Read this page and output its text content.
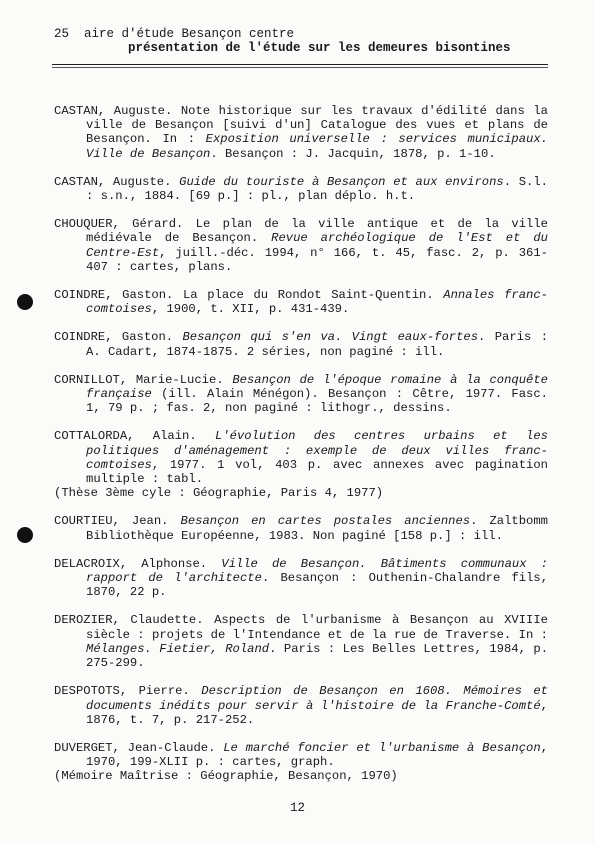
25  aire d'étude Besançon centre
présentation de l'étude sur les demeures bisontines
CASTAN, Auguste. Note historique sur les travaux d'édilité dans la ville de Besançon [suivi d'un] Catalogue des vues et plans de Besançon. In : Exposition universelle : services municipaux. Ville de Besançon. Besançon : J. Jacquin, 1878, p. 1-10.
CASTAN, Auguste. Guide du touriste à Besançon et aux environs. S.l. : s.n., 1884. [69 p.] : pl., plan déplo. h.t.
CHOUQUER, Gérard. Le plan de la ville antique et de la ville médiévale de Besançon. Revue archéologique de l'Est et du Centre-Est, juill.-déc. 1994, n° 166, t. 45, fasc. 2, p. 361-407 : cartes, plans.
COINDRE, Gaston. La place du Rondot Saint-Quentin. Annales franc-comtoises, 1900, t. XII, p. 431-439.
COINDRE, Gaston. Besançon qui s'en va. Vingt eaux-fortes. Paris : A. Cadart, 1874-1875. 2 séries, non paginé : ill.
CORNILLOT, Marie-Lucie. Besançon de l'époque romaine à la conquête française (ill. Alain Ménégon). Besançon : Cêtre, 1977. Fasc. 1, 79 p. ; fas. 2, non paginé : lithogr., dessins.
COTTALORDA, Alain. L'évolution des centres urbains et les politiques d'aménagement : exemple de deux villes franc-comtoises, 1977. 1 vol, 403 p. avec annexes avec pagination multiple : tabl.
(Thèse 3ème cyle : Géographie, Paris 4, 1977)
COURTIEU, Jean. Besançon en cartes postales anciennes. Zaltbomm Bibliothèque Européenne, 1983. Non paginé [158 p.] : ill.
DELACROIX, Alphonse. Ville de Besançon. Bâtiments communaux : rapport de l'architecte. Besançon : Outhenin-Chalandre fils, 1870, 22 p.
DEROZIER, Claudette. Aspects de l'urbanisme à Besançon au XVIIIe siècle : projets de l'Intendance et de la rue de Traverse. In : Mélanges. Fietier, Roland. Paris : Les Belles Lettres, 1984, p. 275-299.
DESPOTOTS, Pierre. Description de Besançon en 1608. Mémoires et documents inédits pour servir à l'histoire de la Franche-Comté, 1876, t. 7, p. 217-252.
DUVERGET, Jean-Claude. Le marché foncier et l'urbanisme à Besançon, 1970, 199-XLII p. : cartes, graph.
(Mémoire Maîtrise : Géographie, Besançon, 1970)
12
